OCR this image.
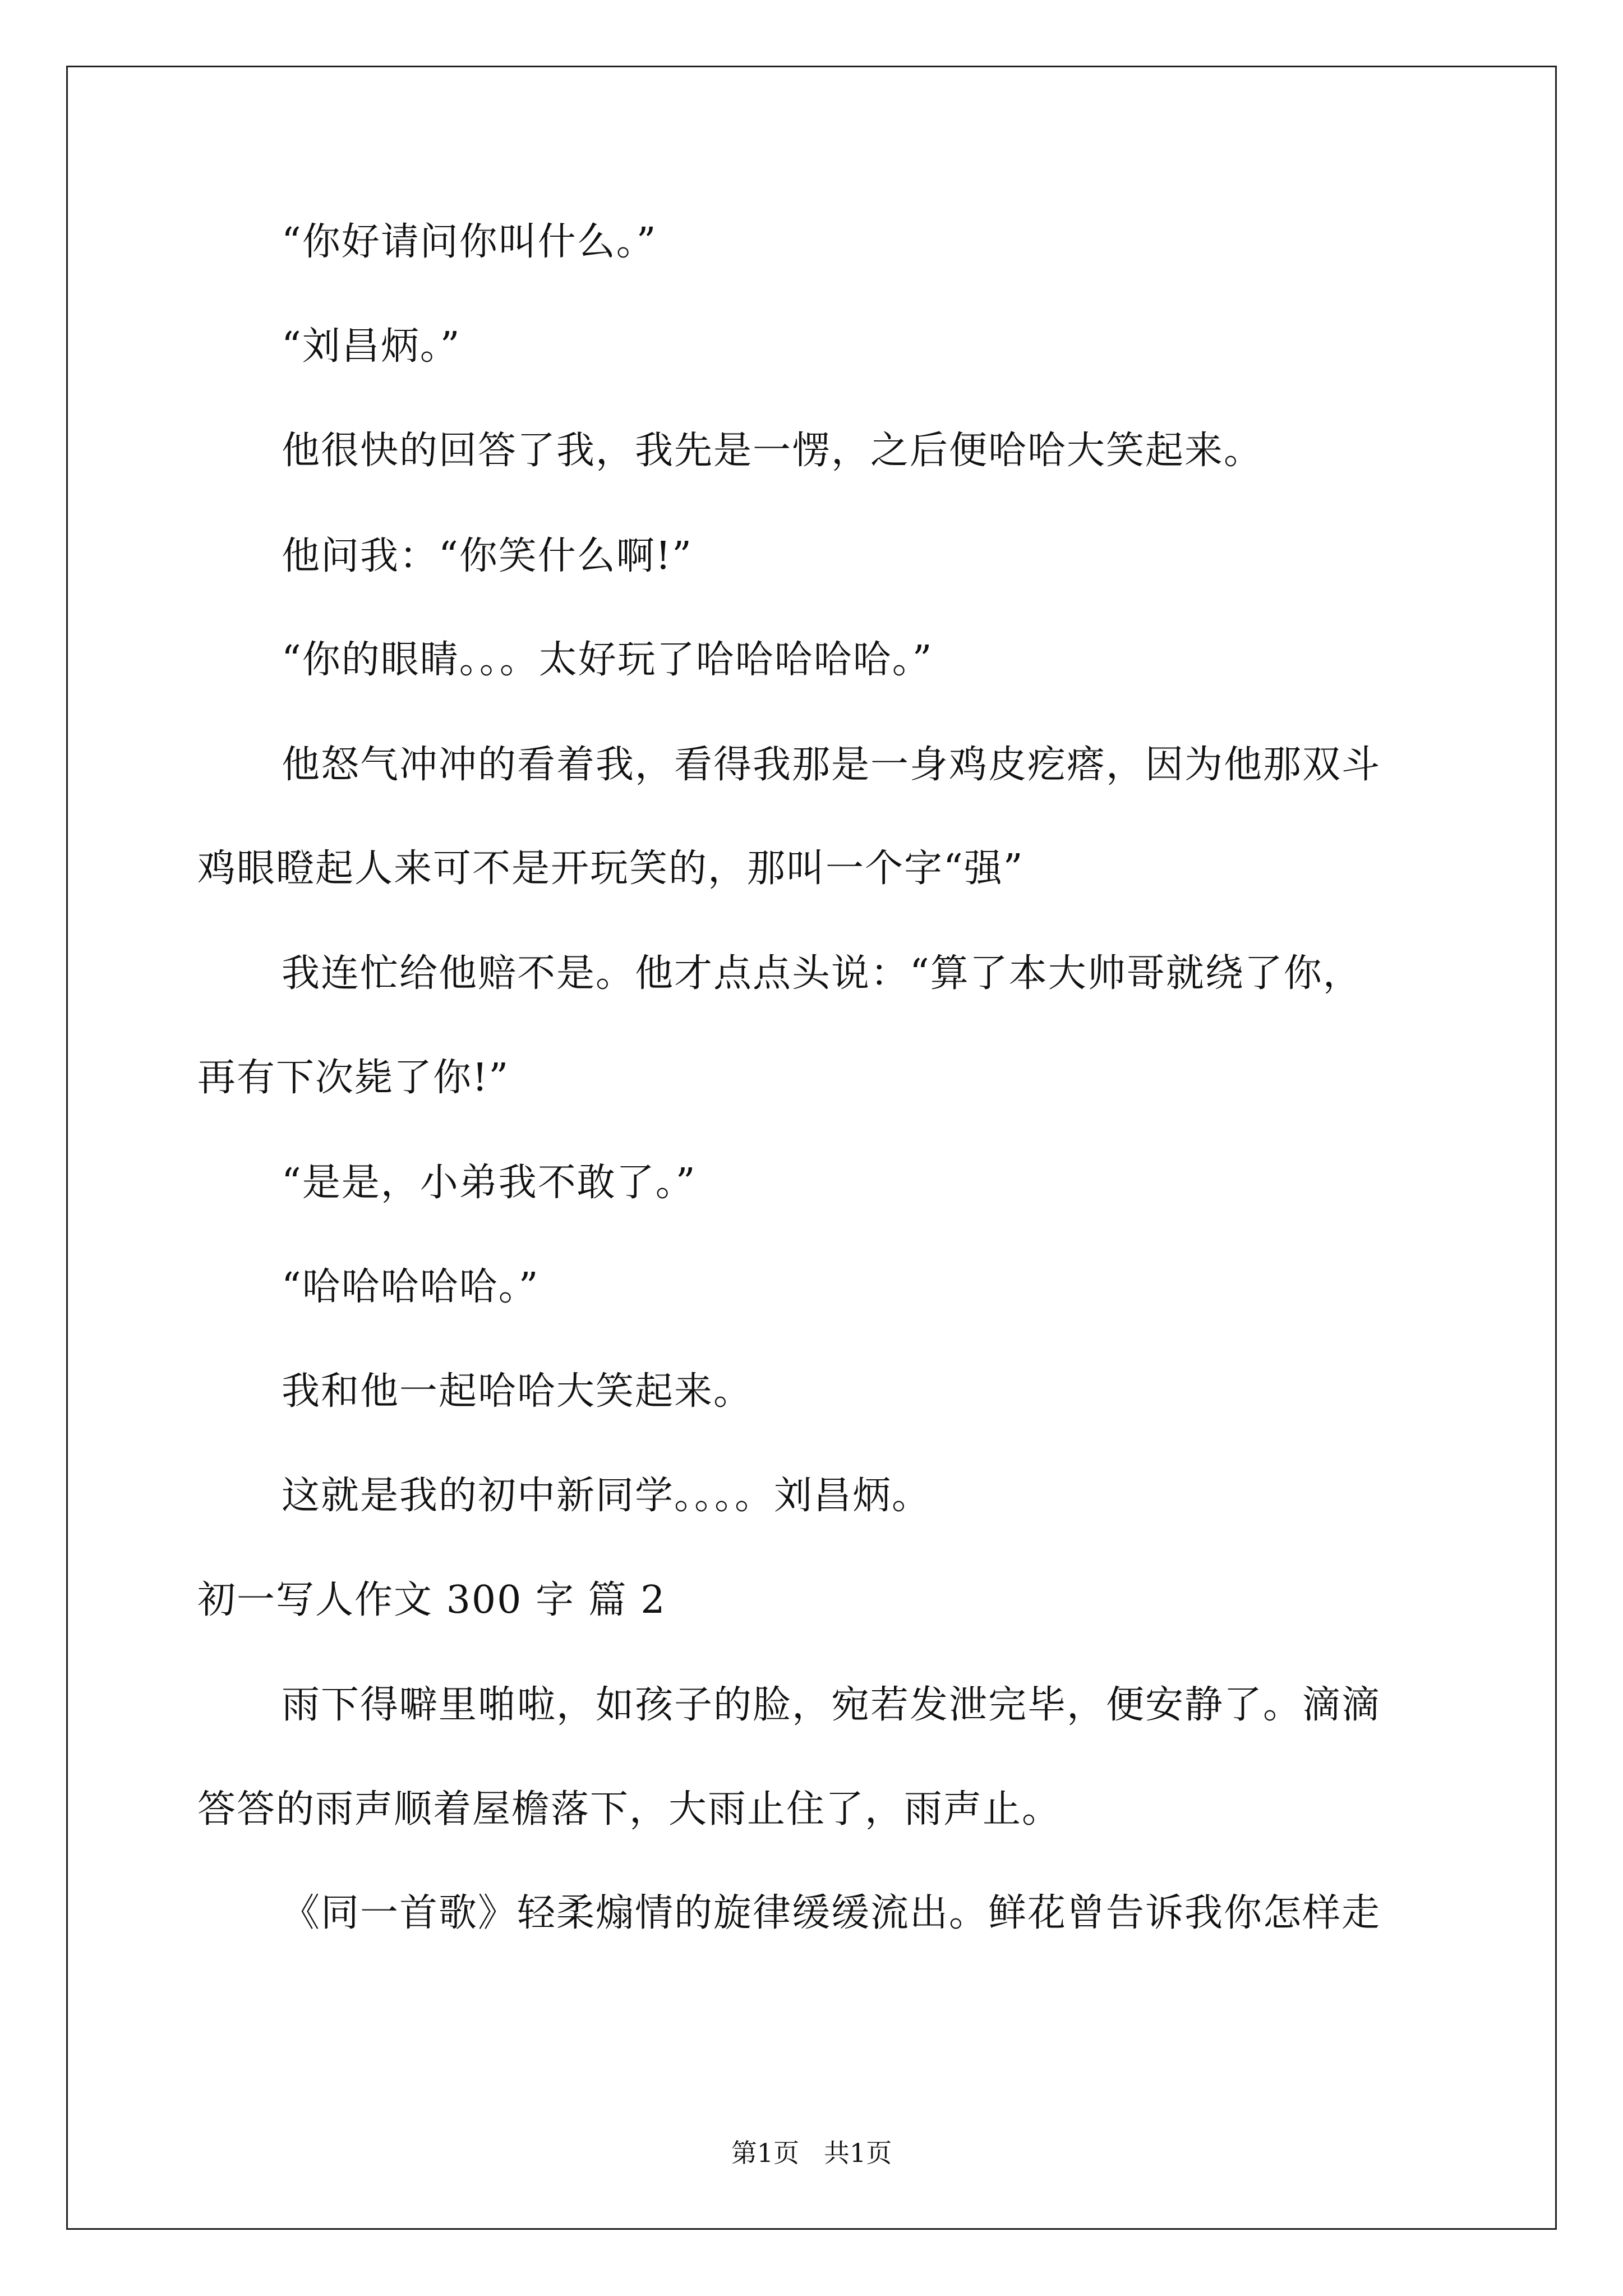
“你好请问你叫什么。”
“刘昌炳。”
他很快的回答了我，我先是一愣，之后便哈哈大笑起来。
他问我：“你笑什么啊!”
“你的眼睛。。。太好玩了哈哈哈哈哈。”
他怒气冲冲的看着我，看得我那是一身鸡皮疙瘩，因为他那双斗
鸡眼瞪起人来可不是开玩笑的，那叫一个字“强”
我连忙给他赔不是。他才点点头说：“算了本大帅哥就绕了你，
再有下次毙了你!”
“是是，小弟我不敢了。”
“哈哈哈哈哈。”
我和他一起哈哈大笑起来。
这就是我的初中新同学。。。。刘昌炳。
初一写人作文 300 字 篇 2
雨下得噼里啪啦，如孩子的脸，宛若发泄完毕，便安静了。滴滴
答答的雨声顺着屋檐落下，大雨止住了，雨声止。
《同一首歌》轻柔煽情的旋律缓缓流出。鲜花曾告诉我你怎样走
第1页 共1页
